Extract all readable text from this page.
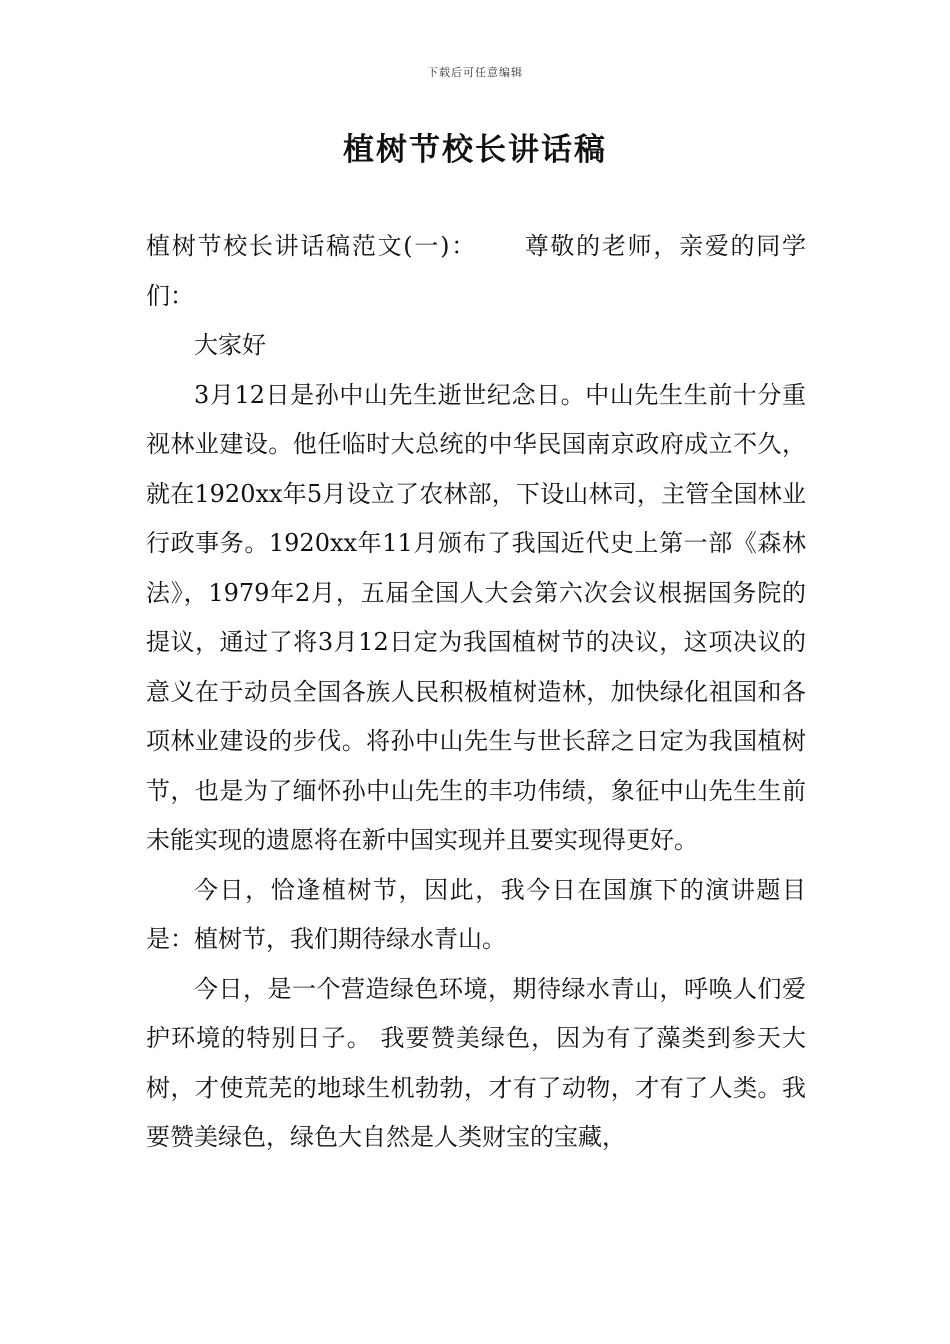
下载后可任意编辑
植树节校长讲话稿

植树节校长讲话稿范文(一)： 尊敬的老师，亲爱的同学们：

大家好

3月12日是孙中山先生逝世纪念日。中山先生生前十分重视林业建设。他任临时大总统的中华民国南京政府成立不久，就在1920xx年5月设立了农林部，下设山林司，主管全国林业行政事务。1920xx年11月颁布了我国近代史上第一部《森林法》，1979年2月，五届全国人大会第六次会议根据国务院的提议，通过了将3月12日定为我国植树节的决议，这项决议的意义在于动员全国各族人民积极植树造林，加快绿化祖国和各项林业建设的步伐。将孙中山先生与世长辞之日定为我国植树节，也是为了缅怀孙中山先生的丰功伟绩，象征中山先生生前未能实现的遗愿将在新中国实现并且要实现得更好。

今日，恰逢植树节，因此，我今日在国旗下的演讲题目是：植树节，我们期待绿水青山。

今日，是一个营造绿色环境，期待绿水青山，呼唤人们爱护环境的特别日子。 我要赞美绿色，因为有了藻类到参天大树，才使荒芜的地球生机勃勃，才有了动物，才有了人类。我要赞美绿色，绿色大自然是人类财宝的宝藏，
